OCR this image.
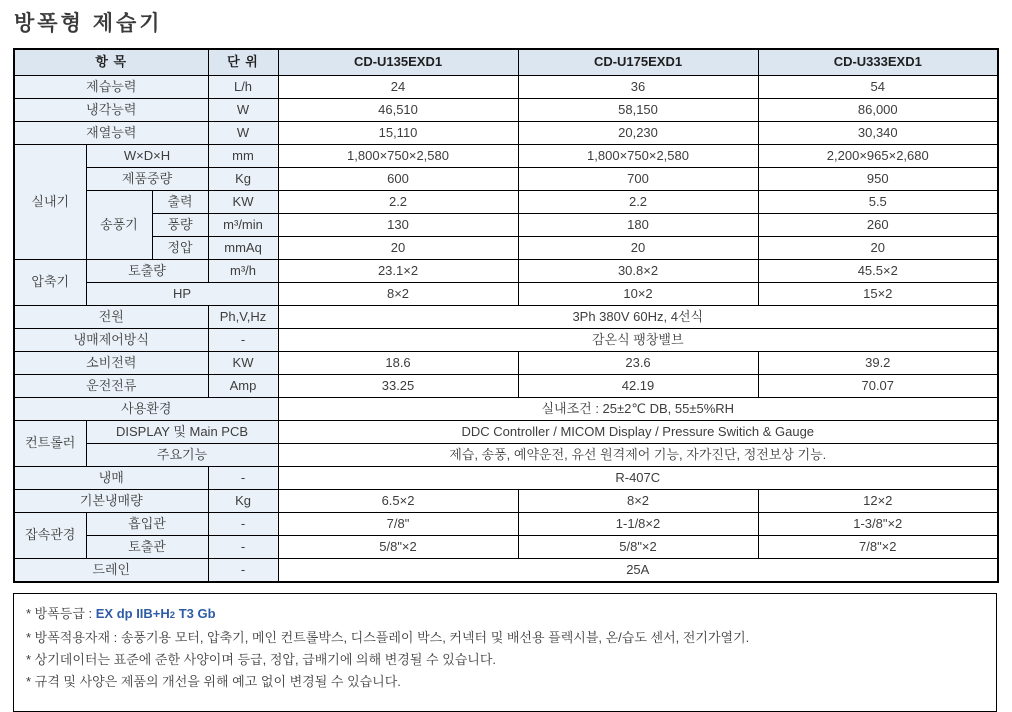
방폭형 제습기
항 목			단 위	CD-U135EXD1	CD-U175EXD1	CD-U333EXD1
제습능력			L/h	24	36	54
냉각능력			W	46,510	58,150	86,000
재열능력			W	15,110	20,230	30,340
실내기	W×D×H		mm	1,800×750×2,580	1,800×750×2,580	2,200×965×2,680
	제품중량		Kg	600	700	950
	송풍기	출력	KW	2.2	2.2	5.5
		풍량	m³/min	130	180	260
		정압	mmAq	20	20	20
압축기	토출량		m³/h	23.1×2	30.8×2	45.5×2
	HP			8×2	10×2	15×2
전원			Ph,V,Hz	3Ph 380V 60Hz, 4선식		
냉매제어방식			-	감온식 팽창밸브		
소비전력			KW	18.6	23.6	39.2
운전전류			Amp	33.25	42.19	70.07
사용환경				실내조건 : 25±2℃ DB, 55±5%RH		
컨트롤러	DISPLAY 및 Main PCB			DDC Controller / MICOM Display / Pressure Switich & Gauge		
	주요기능			제습, 송풍, 예약운전, 유선 원격제어 기능, 자가진단, 정전보상 기능.		
냉매			-	R-407C		
기본냉매량			Kg	6.5×2	8×2	12×2
잡속관경	흡입관		-	7/8"	1-1/8×2	1-3/8"×2
	토출관		-	5/8"×2	5/8"×2	7/8"×2
드레인			-	25A		
* 방폭등급 : EX dp IIB+H2 T3 Gb
* 방폭적용자재 : 송풍기용 모터, 압축기, 메인 컨트롤박스, 디스플레이 박스, 커넥터 및 배선용 플렉시블, 온/습도 센서, 전기가열기.
* 상기데이터는 표준에 준한 사양이며 등급, 정압, 급배기에 의해 변경될 수 있습니다.
* 규격 및 사양은 제품의 개선을 위해 예고 없이 변경될 수 있습니다.
